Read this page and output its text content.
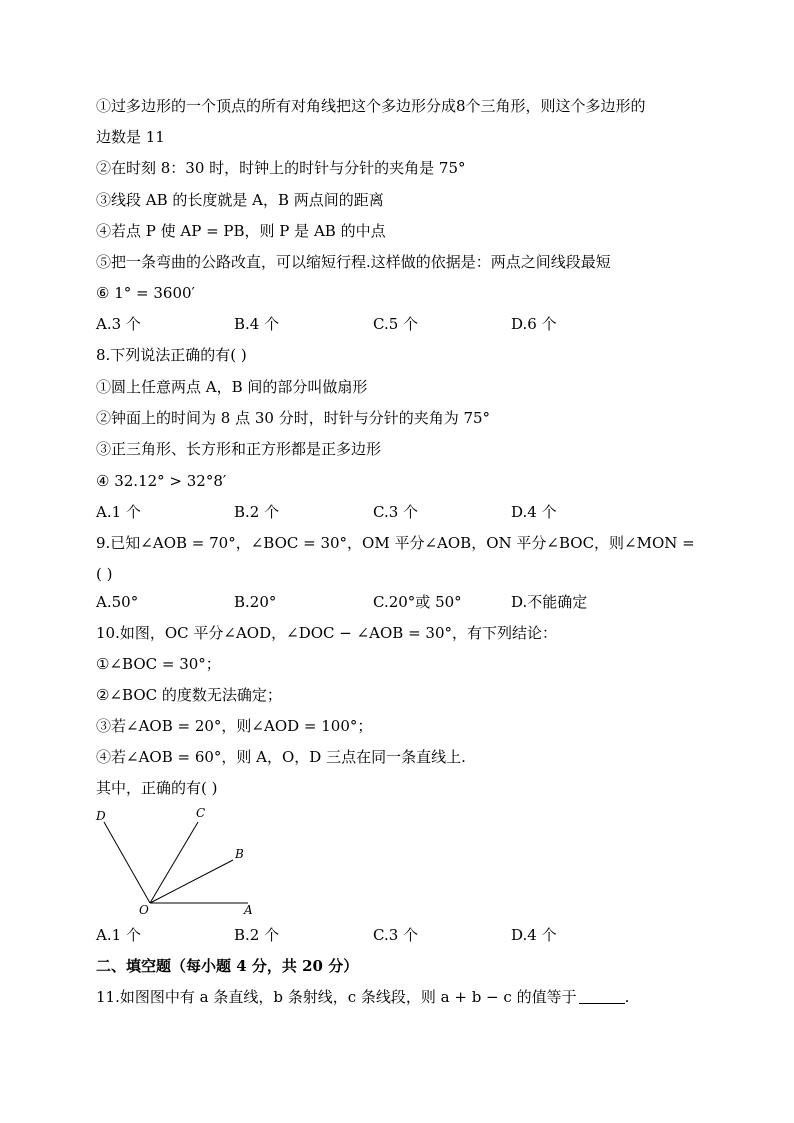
①过多边形的一个顶点的所有对角线把这个多边形分成8个三角形，则这个多边形的

边数是 11

②在时刻 8：30 时，时钟上的时针与分针的夹角是 75°

③线段 AB 的长度就是 A，B 两点间的距离

④若点 P 使 AP = PB，则 P 是 AB 的中点

⑤把一条弯曲的公路改直，可以缩短行程.这样做的依据是：两点之间线段最短

⑥ 1° = 3600′

A.3 个	B.4 个	C.5 个	D.6 个

8.下列说法正确的有( )

①圆上任意两点 A，B 间的部分叫做扇形

②钟面上的时间为 8 点 30 分时，时针与分针的夹角为 75°

③正三角形、长方形和正方形都是正多边形

④ 32.12° > 32°8′

A.1 个	B.2 个	C.3 个	D.4 个

9.已知∠AOB = 70°，∠BOC = 30°，OM 平分∠AOB，ON 平分∠BOC，则∠MON =

( )

A.50°	B.20°	C.20°或 50°	D.不能确定

10.如图，OC 平分∠AOD，∠DOC − ∠AOB = 30°，有下列结论：

①∠BOC = 30°；

②∠BOC 的度数无法确定；

③若∠AOB = 20°，则∠AOD = 100°；

④若∠AOB = 60°，则 A，O，D 三点在同一条直线上.

其中，正确的有( )

D	C
B
O	A
A.1 个	B.2 个	C.3 个	D.4 个

二、填空题（每小题 4 分，共 20 分）

11.如图图中有 a 条直线，b 条射线，c 条线段，则 a + b − c 的值等于	.
